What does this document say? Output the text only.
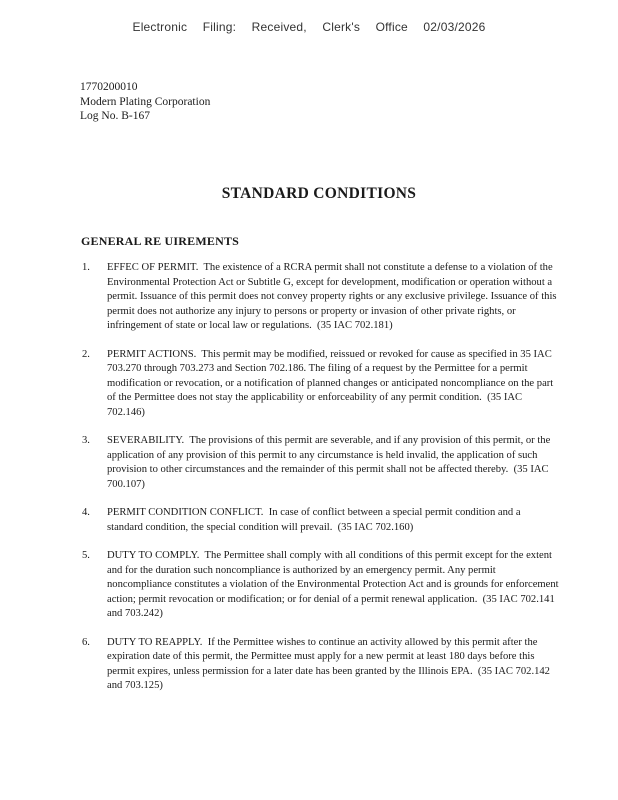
Electronic Filing: Received, Clerk's Office 02/03/2026
1770200010
Modern Plating Corporation
Log No. B-167
STANDARD CONDITIONS
GENERAL RE UIREMENTS
1. EFFEC OF PERMIT. The existence of a RCRA permit shall not constitute a defense to a violation of the Environmental Protection Act or Subtitle G, except for development, modification or operation without a permit. Issuance of this permit does not convey property rights or any exclusive privilege. Issuance of this permit does not authorize any injury to persons or property or invasion of other private rights, or infringement of state or local law or regulations. (35 IAC 702.181)
2. PERMIT ACTIONS. This permit may be modified, reissued or revoked for cause as specified in 35 IAC 703.270 through 703.273 and Section 702.186. The filing of a request by the Permittee for a permit modification or revocation, or a notification of planned changes or anticipated noncompliance on the part of the Permittee does not stay the applicability or enforceability of any permit condition. (35 IAC 702.146)
3. SEVERABILITY. The provisions of this permit are severable, and if any provision of this permit, or the application of any provision of this permit to any circumstance is held invalid, the application of such provision to other circumstances and the remainder of this permit shall not be affected thereby. (35 IAC 700.107)
4. PERMIT CONDITION CONFLICT. In case of conflict between a special permit condition and a standard condition, the special condition will prevail. (35 IAC 702.160)
5. DUTY TO COMPLY. The Permittee shall comply with all conditions of this permit except for the extent and for the duration such noncompliance is authorized by an emergency permit. Any permit noncompliance constitutes a violation of the Environmental Protection Act and is grounds for enforcement action; permit revocation or modification; or for denial of a permit renewal application. (35 IAC 702.141 and 703.242)
6. DUTY TO REAPPLY. If the Permittee wishes to continue an activity allowed by this permit after the expiration date of this permit, the Permittee must apply for a new permit at least 180 days before this permit expires, unless permission for a later date has been granted by the Illinois EPA. (35 IAC 702.142 and 703.125)
